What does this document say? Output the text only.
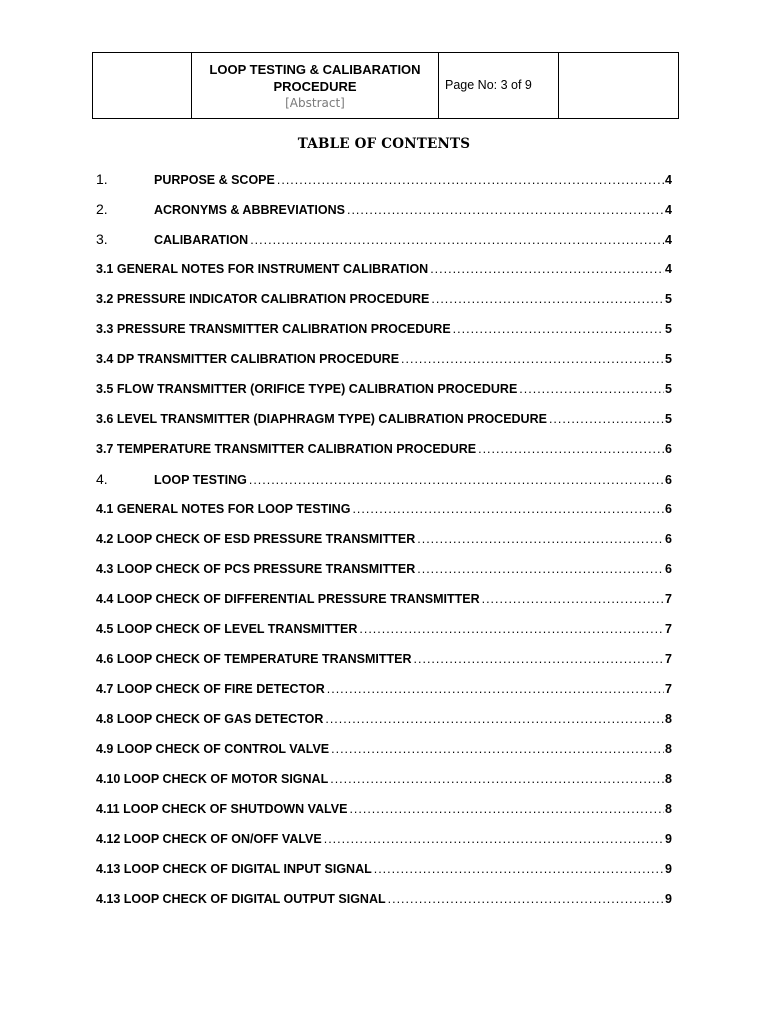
LOOP TESTING & CALIBARATION PROCEDURE
[Abstract]

Page No: 3 of 9

TABLE OF CONTENTS
1.	PURPOSE & SCOPE .....	4
2.	ACRONYMS & ABBREVIATIONS .....	4
3.	CALIBARATION .....	4
3.1 GENERAL NOTES FOR INSTRUMENT CALIBRATION .....	4
3.2 PRESSURE INDICATOR CALIBRATION PROCEDURE .....	5
3.3 PRESSURE TRANSMITTER CALIBRATION PROCEDURE .....	5
3.4 DP TRANSMITTER CALIBRATION PROCEDURE .....	5
3.5 FLOW TRANSMITTER (ORIFICE TYPE) CALIBRATION PROCEDURE .....	5
3.6 LEVEL TRANSMITTER (DIAPHRAGM TYPE) CALIBRATION PROCEDURE .....	5
3.7 TEMPERATURE TRANSMITTER CALIBRATION PROCEDURE .....	6
4.	LOOP TESTING .....	6
4.1 GENERAL NOTES FOR LOOP TESTING .....	6
4.2 LOOP CHECK OF ESD PRESSURE TRANSMITTER .....	6
4.3 LOOP CHECK OF PCS PRESSURE TRANSMITTER .....	6
4.4 LOOP CHECK OF DIFFERENTIAL PRESSURE TRANSMITTER .....	7
4.5 LOOP CHECK OF LEVEL TRANSMITTER .....	7
4.6 LOOP CHECK OF TEMPERATURE TRANSMITTER .....	7
4.7 LOOP CHECK OF FIRE DETECTOR .....	7
4.8 LOOP CHECK OF GAS DETECTOR .....	8
4.9 LOOP CHECK OF CONTROL VALVE .....	8
4.10 LOOP CHECK OF MOTOR SIGNAL .....	8
4.11 LOOP CHECK OF SHUTDOWN VALVE .....	8
4.12 LOOP CHECK OF ON/OFF VALVE .....	9
4.13 LOOP CHECK OF DIGITAL INPUT SIGNAL .....	9
4.13 LOOP CHECK OF DIGITAL OUTPUT SIGNAL .....	9
